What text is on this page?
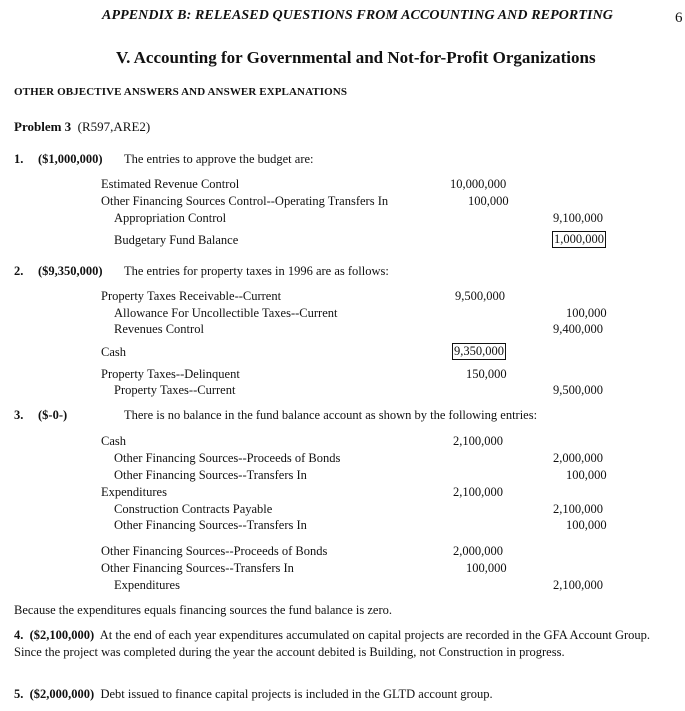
APPENDIX B: RELEASED QUESTIONS FROM ACCOUNTING AND REPORTING	6
V. Accounting for Governmental and Not-for-Profit Organizations
OTHER OBJECTIVE ANSWERS AND ANSWER EXPLANATIONS
Problem 3 (R597,ARE2)
1. ($1,000,000) The entries to approve the budget are:
Estimated Revenue Control	10,000,000
Other Financing Sources Control--Operating Transfers In	100,000
Appropriation Control	9,100,000
Budgetary Fund Balance	1,000,000
2. ($9,350,000) The entries for property taxes in 1996 are as follows:
Property Taxes Receivable--Current	9,500,000
Allowance For Uncollectible Taxes--Current	100,000
Revenues Control	9,400,000
Cash	9,350,000
Property Taxes--Delinquent	150,000
Property Taxes--Current	9,500,000
3. ($-0-)	There is no balance in the fund balance account as shown by the following entries:
Cash	2,100,000
Other Financing Sources--Proceeds of Bonds	2,000,000
Other Financing Sources--Transfers In	100,000
Expenditures	2,100,000
Construction Contracts Payable	2,100,000
Other Financing Sources--Transfers In	100,000
Other Financing Sources--Proceeds of Bonds	2,000,000
Other Financing Sources--Transfers In	100,000
Expenditures	2,100,000
Because the expenditures equals financing sources the fund balance is zero.
4. ($2,100,000) At the end of each year expenditures accumulated on capital projects are recorded in the GFA Account Group. Since the project was completed during the year the account debited is Building, not Construction in progress.
5. ($2,000,000) Debt issued to finance capital projects is included in the GLTD account group.
